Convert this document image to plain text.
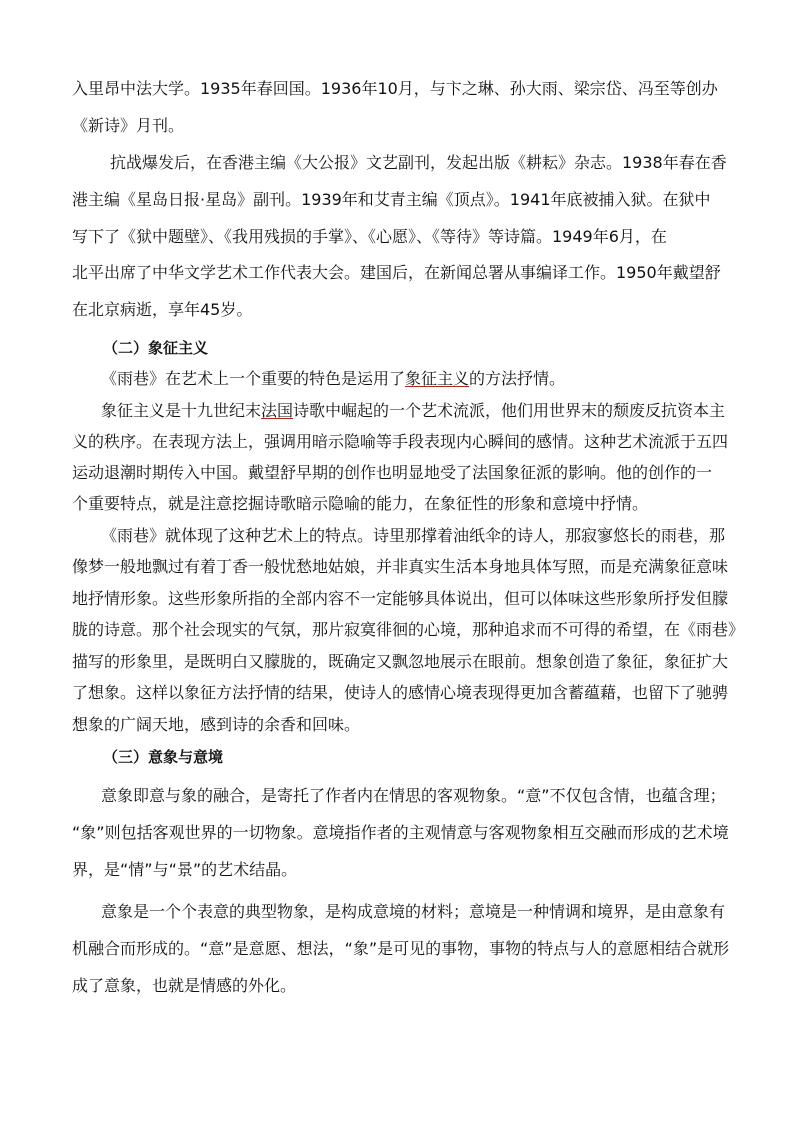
入里昂中法大学。1935年春回国。1936年10月，与卞之琳、孙大雨、梁宗岱、冯至等创办
《新诗》月刊。
抗战爆发后，在香港主编《大公报》文艺副刊，发起出版《耕耘》杂志。1938年春在香
港主编《星岛日报·星岛》副刊。1939年和艾青主编《顶点》。1941年底被捕入狱。在狱中
写下了《狱中题壁》、《我用残损的手掌》、《心愿》、《等待》等诗篇。1949年6月，在
北平出席了中华文学艺术工作代表大会。建国后，在新闻总署从事编译工作。1950年戴望舒
在北京病逝，享年45岁。
（二）象征主义
《雨巷》在艺术上一个重要的特色是运用了象征主义的方法抒情。
象征主义是十九世纪末法国诗歌中崛起的一个艺术流派，他们用世界末的颓废反抗资本主
义的秩序。在表现方法上，强调用暗示隐喻等手段表现内心瞬间的感情。这种艺术流派于五四
运动退潮时期传入中国。戴望舒早期的创作也明显地受了法国象征派的影响。他的创作的一
个重要特点，就是注意挖掘诗歌暗示隐喻的能力，在象征性的形象和意境中抒情。
《雨巷》就体现了这种艺术上的特点。诗里那撑着油纸伞的诗人，那寂寥悠长的雨巷，那
像梦一般地飘过有着丁香一般忧愁地姑娘，并非真实生活本身地具体写照，而是充满象征意味
地抒情形象。这些形象所指的全部内容不一定能够具体说出，但可以体味这些形象所抒发但朦
胧的诗意。那个社会现实的气氛，那片寂寞徘徊的心境，那种追求而不可得的希望，在《雨巷》
描写的形象里，是既明白又朦胧的，既确定又飘忽地展示在眼前。想象创造了象征，象征扩大
了想象。这样以象征方法抒情的结果，使诗人的感情心境表现得更加含蓄蕴藉，也留下了驰骋
想象的广阔天地，感到诗的余香和回味。
（三）意象与意境
意象即意与象的融合，是寄托了作者内在情思的客观物象。“意”不仅包含情，也蕴含理；
“象”则包括客观世界的一切物象。意境指作者的主观情意与客观物象相互交融而形成的艺术境
界，是“情”与“景”的艺术结晶。
意象是一个个表意的典型物象，是构成意境的材料；意境是一种情调和境界，是由意象有
机融合而形成的。“意”是意愿、想法，“象”是可见的事物，事物的特点与人的意愿相结合就形
成了意象，也就是情感的外化。
